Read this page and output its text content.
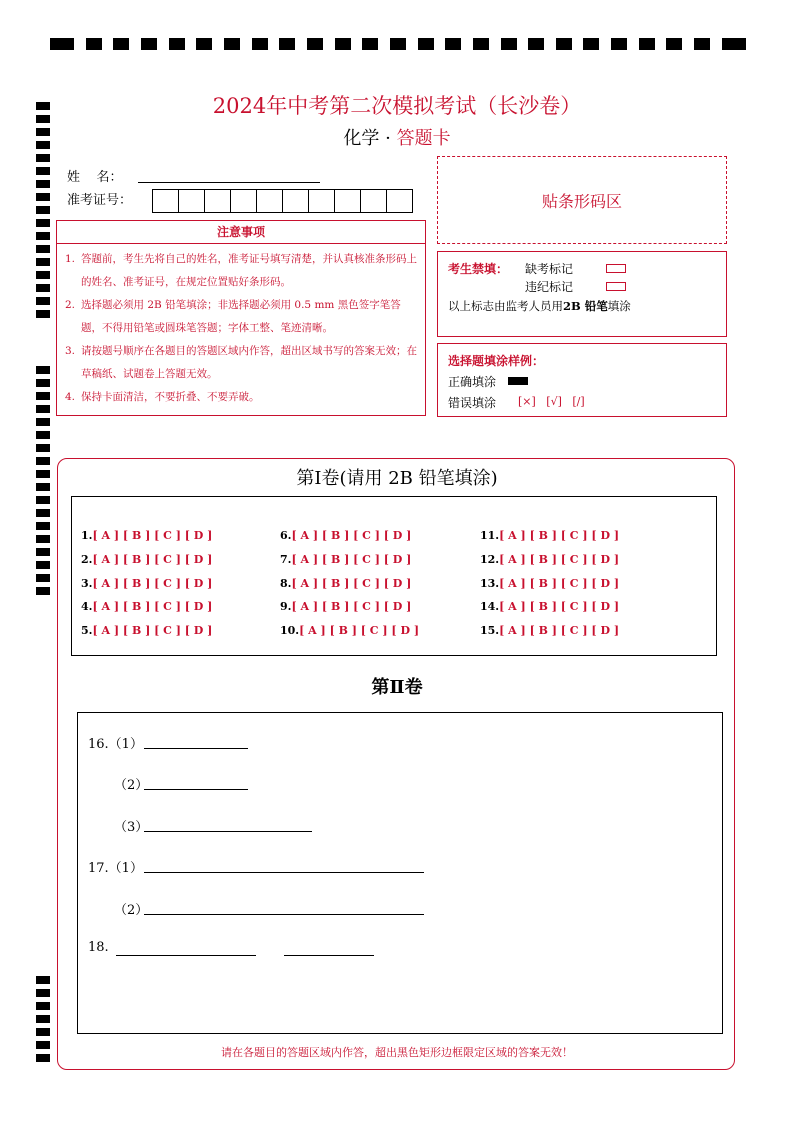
2024年中考第二次模拟考试（长沙卷）
化学 · 答题卡
姓    名：
准考证号：	贴条形码区
注意事项
1. 答题前，考生先将自己的姓名，准考证号填写清楚，并认真核准条形码上的姓名、准考证号，在规定位置贴好条形码。
2. 选择题必须用 2B 铅笔填涂；非选择题必须用 0.5 mm 黑色签字笔答题，不得用铅笔或圆珠笔答题；字体工整、笔迹清晰。
3. 请按题号顺序在各题目的答题区域内作答，超出区域书写的答案无效；在草稿纸、试题卷上答题无效。
4. 保持卡面清洁，不要折叠、不要弄破。
考生禁填： 缺考标记
违纪标记
以上标志由监考人员用2B 铅笔填涂
选择题填涂样例：
正确填涂
错误填涂 [×]   [√]   [/]
第Ⅰ卷(请用 2B 铅笔填涂)
1.[ A ] [ B ] [ C ] [ D ]
2.[ A ] [ B ] [ C ] [ D ]
3.[ A ] [ B ] [ C ] [ D ]
4.[ A ] [ B ] [ C ] [ D ]
5.[ A ] [ B ] [ C ] [ D ]
6.[ A ] [ B ] [ C ] [ D ]
7.[ A ] [ B ] [ C ] [ D ]
8.[ A ] [ B ] [ C ] [ D ]
9.[ A ] [ B ] [ C ] [ D ]
10.[ A ] [ B ] [ C ] [ D ]
11.[ A ] [ B ] [ C ] [ D ]
12.[ A ] [ B ] [ C ] [ D ]
13.[ A ] [ B ] [ C ] [ D ]
14.[ A ] [ B ] [ C ] [ D ]
15.[ A ] [ B ] [ C ] [ D ]
第Ⅱ卷
16.（1）
（2）
（3）
17.（1）
（2）
18.
请在各题目的答题区域内作答，超出黑色矩形边框限定区域的答案无效！
